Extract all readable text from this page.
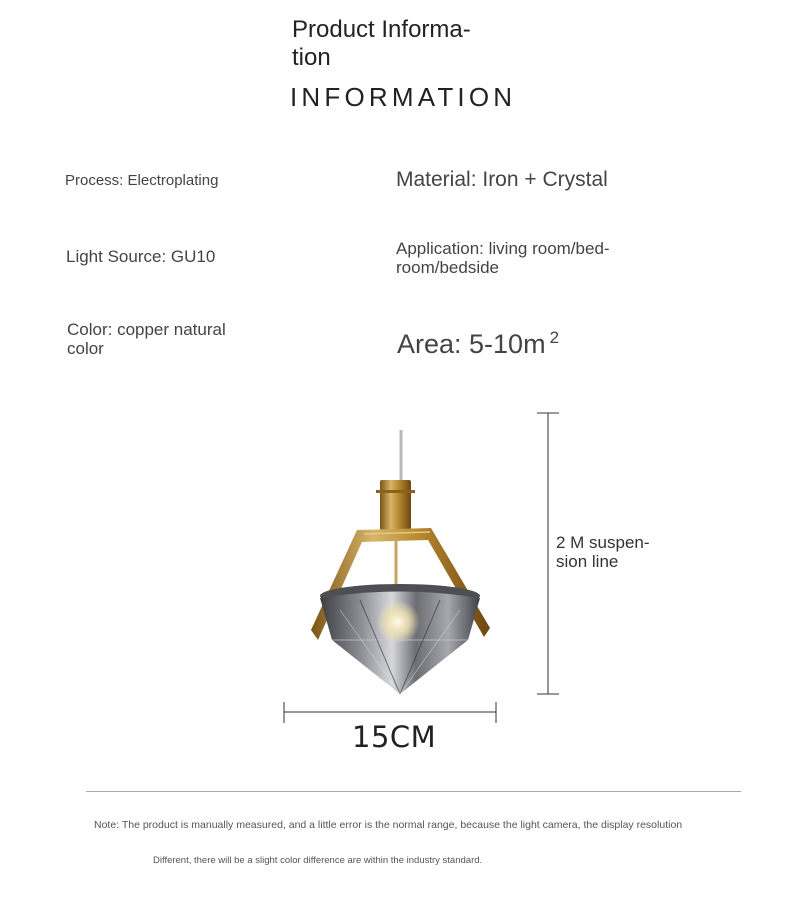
Product Informa-tion
INFORMATION
Process: Electroplating	Material: Iron + Crystal
Light Source: GU10	Application: living room/bed-room/bedside
Color: copper natural color	Area: 5-10m $^2$
2 M suspen-sion line
15CM
Note: The product is manually measured, and a little error is the normal range, because the light camera, the display resolution
Different, there will be a slight color difference are within the industry standard.
